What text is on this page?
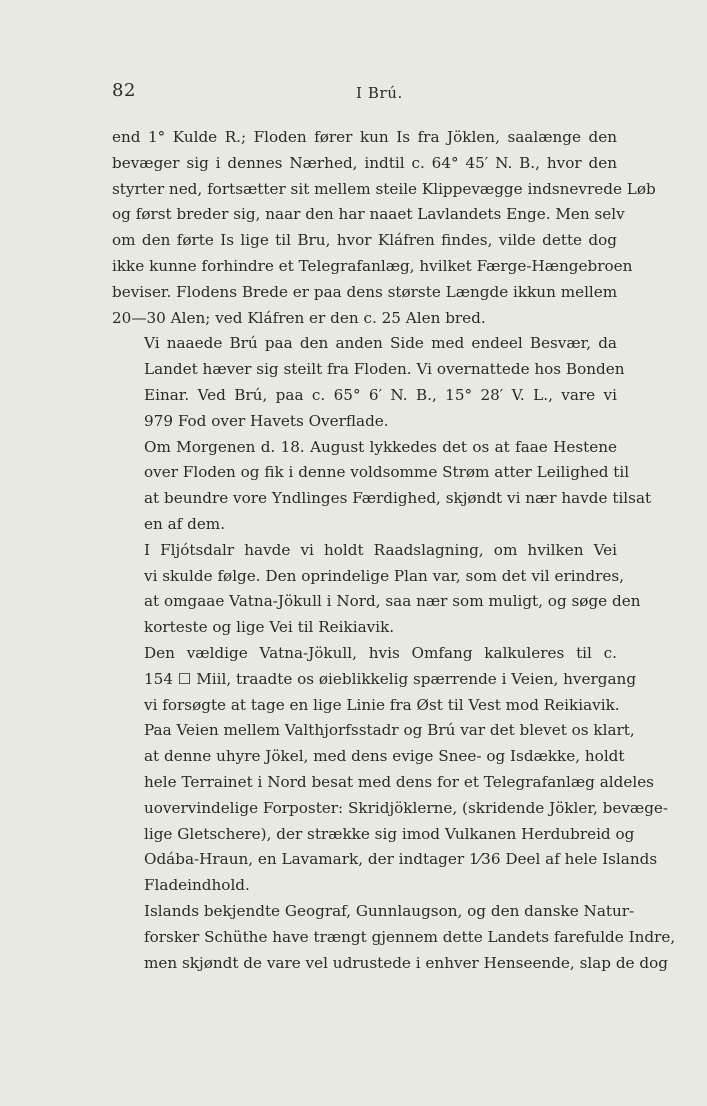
82	I Brú.

end 1° Kulde R.; Floden fører kun Is fra Jöklen, saalænge den
bevæger sig i dennes Nærhed, indtil c. 64° 45′ N. B., hvor den
styrter ned, fortsætter sit mellem steile Klippevægge indsnevrede Løb
og først breder sig, naar den har naaet Lavlandets Enge. Men selv
om den førte Is lige til Bru, hvor Kláfren findes, vilde dette dog
ikke kunne forhindre et Telegrafanlæg, hvilket Færge-Hængebroen
beviser. Flodens Brede er paa dens største Længde ikkun mellem
20—30 Alen; ved Kláfren er den c. 25 Alen bred.

Vi naaede Brú paa den anden Side med endeel Besvær, da
Landet hæver sig steilt fra Floden. Vi overnattede hos Bonden
Einar. Ved Brú, paa c. 65° 6′ N. B., 15° 28′ V. L., vare vi
979 Fod over Havets Overflade.

Om Morgenen d. 18. August lykkedes det os at faae Hestene
over Floden og fik i denne voldsomme Strøm atter Leilighed til
at beundre vore Yndlinges Færdighed, skjøndt vi nær havde tilsat
en af dem.

I Fljótsdalr havde vi holdt Raadslagning, om hvilken Vei
vi skulde følge. Den oprindelige Plan var, som det vil erindres,
at omgaae Vatna-Jökull i Nord, saa nær som muligt, og søge den
korteste og lige Vei til Reikiavik.

Den vældige Vatna-Jökull, hvis Omfang kalkuleres til c.
154 ☐ Miil, traadte os øieblikkelig spærrende i Veien, hvergang
vi forsøgte at tage en lige Linie fra Øst til Vest mod Reikiavik.
Paa Veien mellem Valthjorfsstadr og Brú var det blevet os klart,
at denne uhyre Jökel, med dens evige Snee- og Isdække, holdt
hele Terrainet i Nord besat med dens for et Telegrafanlæg aldeles
uovervindelige Forposter: Skridjöklerne, (skridende Jökler, bevæge-
lige Gletschere), der strække sig imod Vulkanen Herdubreid og
Odába-Hraun, en Lavamark, der indtager 1⁄36 Deel af hele Islands
Fladeindhold.

Islands bekjendte Geograf, Gunnlaugson, og den danske Natur-
forsker Schüthe have trængt gjennem dette Landets farefulde Indre,
men skjøndt de vare vel udrustede i enhver Henseende, slap de dog
